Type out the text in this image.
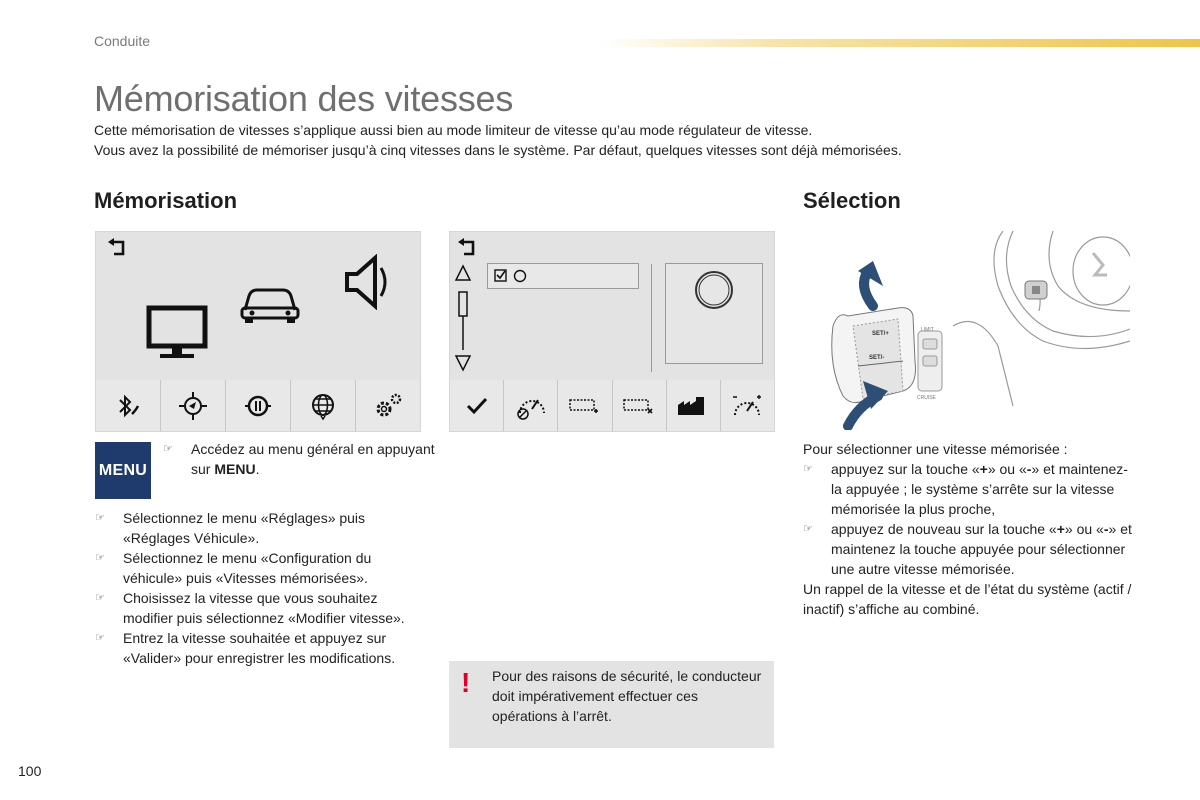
Conduite
Mémorisation des vitesses
Cette mémorisation de vitesses s’applique aussi bien au mode limiteur de vitesse qu’au mode régulateur de vitesse.
Vous avez la possibilité de mémoriser jusqu’à cinq vitesses dans le système. Par défaut, quelques vitesses sont déjà mémorisées.
Mémorisation	Sélection
SET/+
SET/-
LIMIT
CRUISE
MENU
☞ Accédez au menu général en appuyant sur MENU.
☞ Sélectionnez le menu «Réglages» puis «Réglages Véhicule».
☞ Sélectionnez le menu «Configuration du véhicule» puis «Vitesses mémorisées».
☞ Choisissez la vitesse que vous souhaitez modifier puis sélectionnez «Modifier vitesse».
☞ Entrez la vitesse souhaitée et appuyez sur «Valider» pour enregistrer les modifications.
! Pour des raisons de sécurité, le conducteur doit impérativement effectuer ces opérations à l’arrêt.
Pour sélectionner une vitesse mémorisée :
☞ appuyez sur la touche «+» ou «-» et maintenez-la appuyée ; le système s’arrête sur la vitesse mémorisée la plus proche,
☞ appuyez de nouveau sur la touche «+» ou «-» et maintenez la touche appuyée pour sélectionner une autre vitesse mémorisée.
Un rappel de la vitesse et de l’état du système (actif / inactif) s’affiche au combiné.
100
